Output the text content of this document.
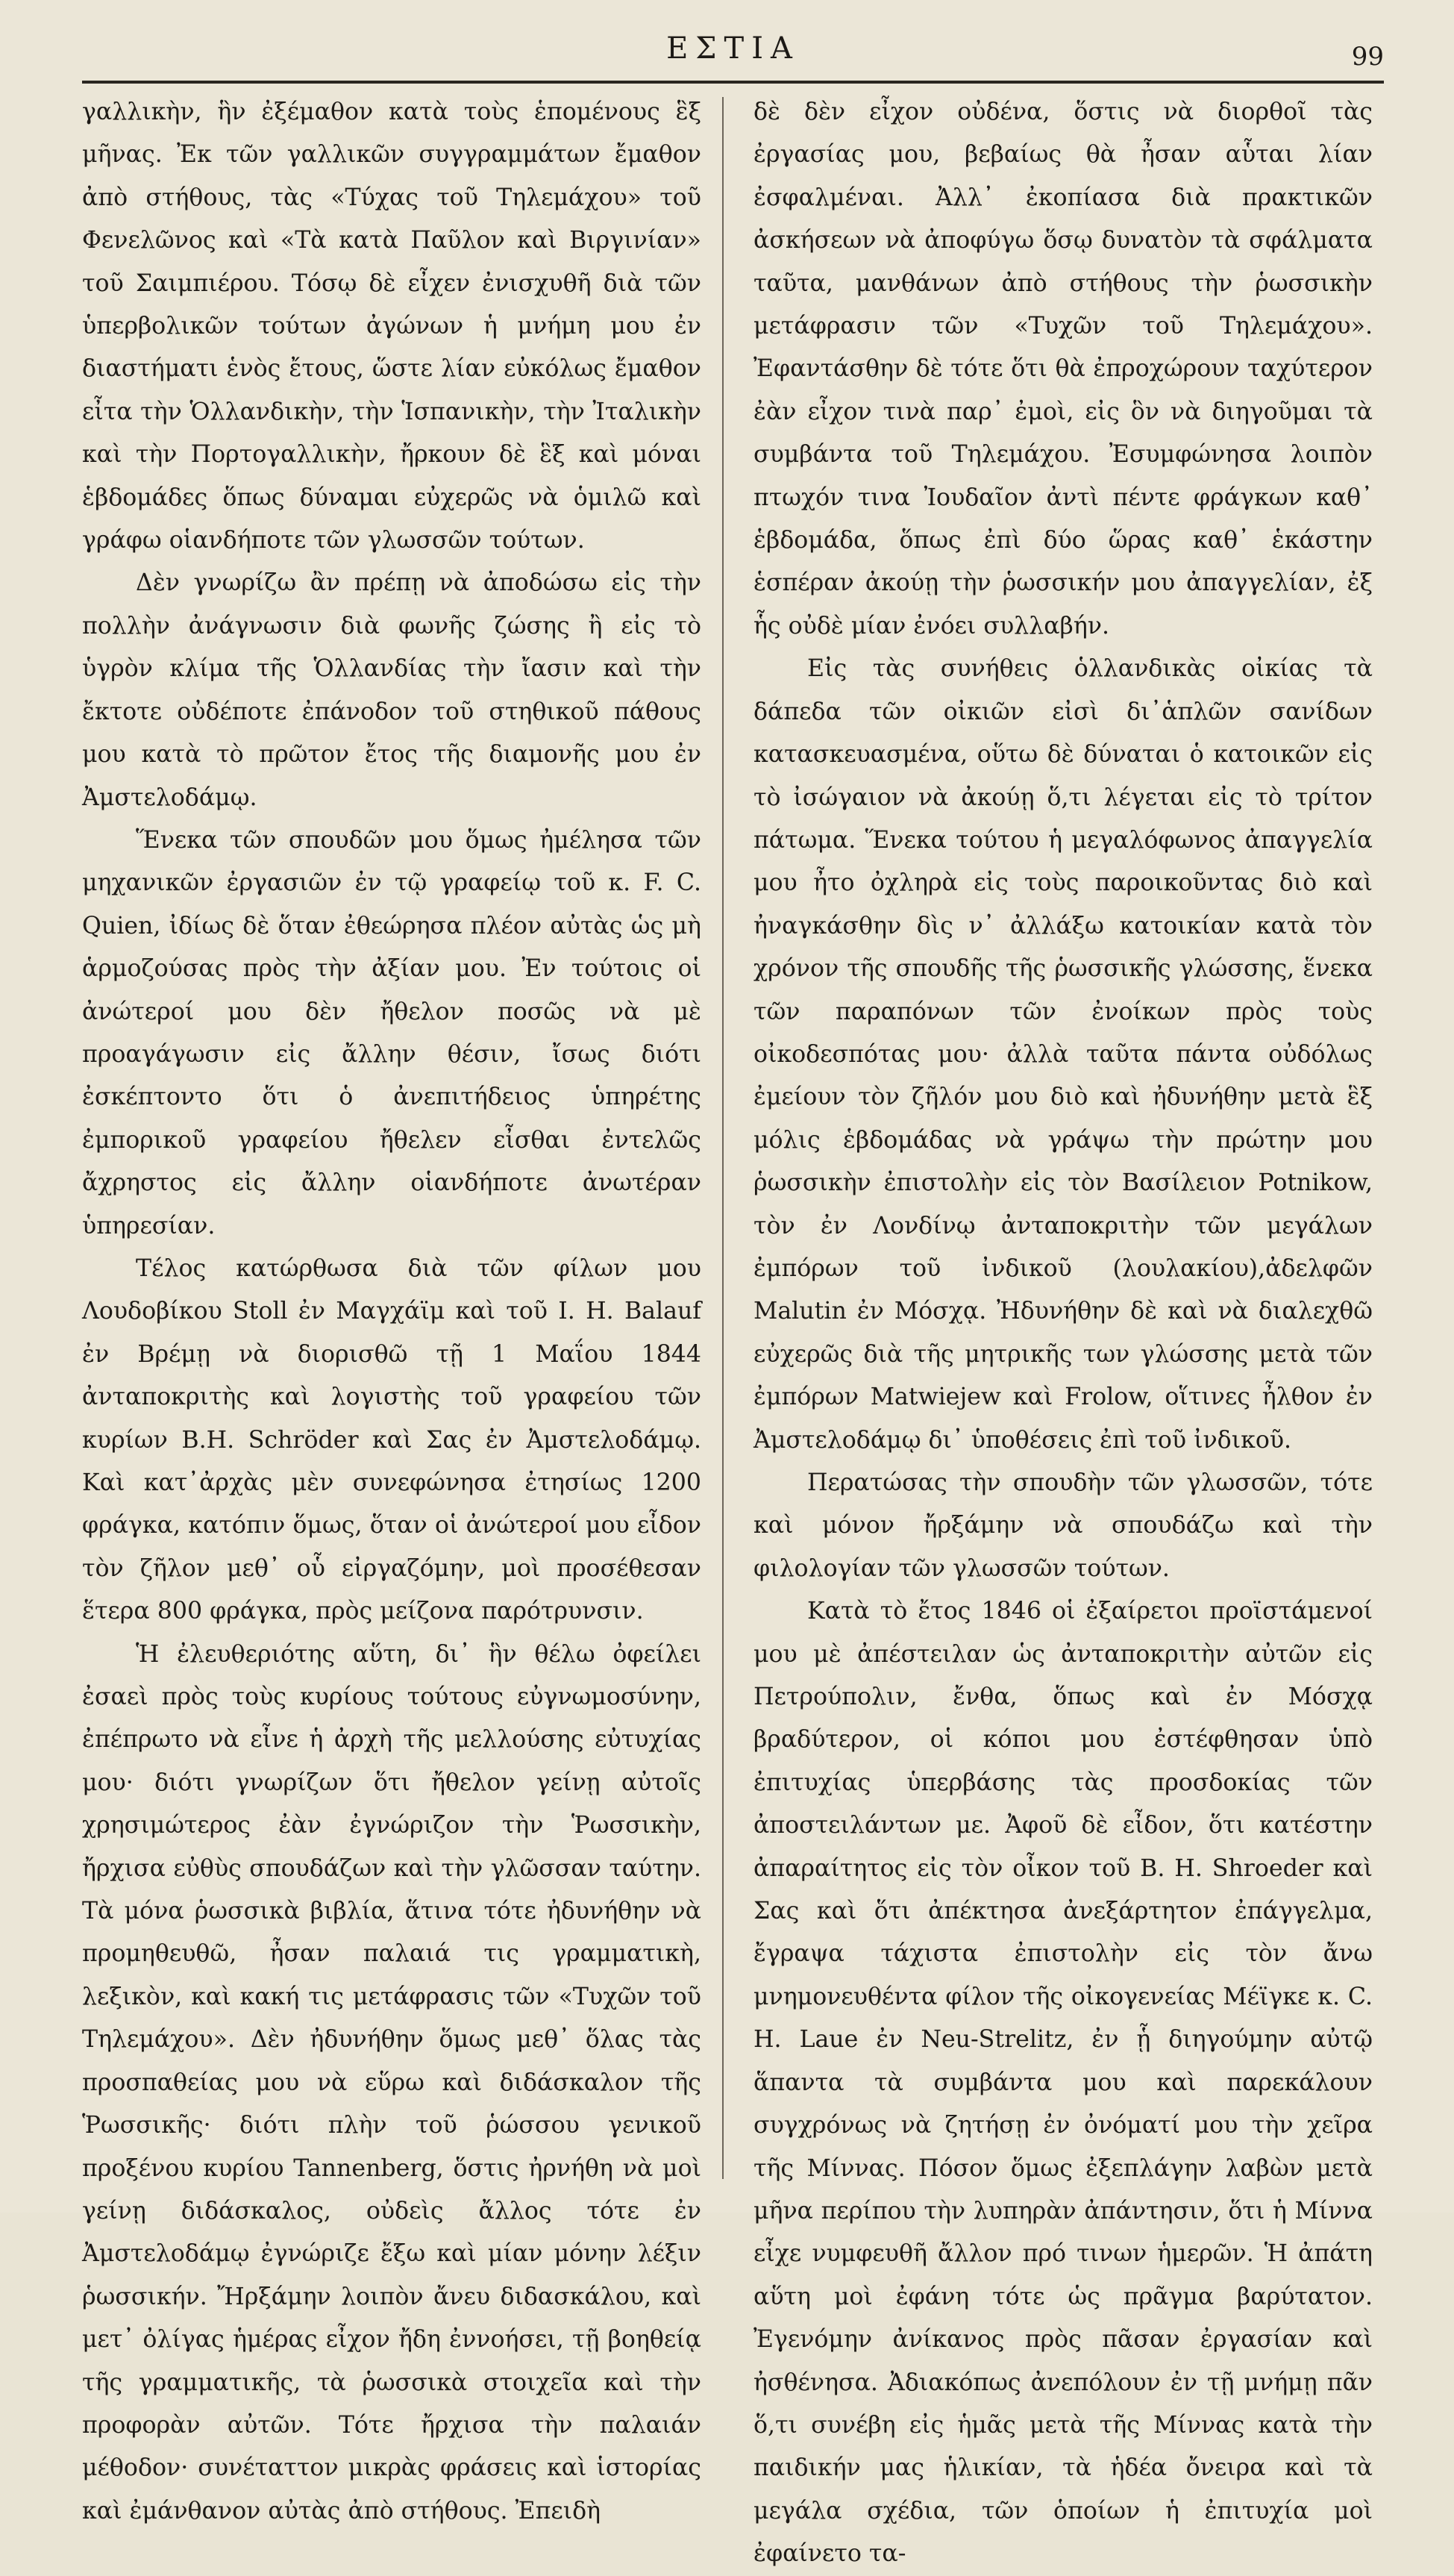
ΕΣΤΙΑ	99

γαλλικὴν, ἣν ἐξέμαθον κατὰ τοὺς ἑπομένους ἓξ μῆνας. Ἐκ τῶν γαλλικῶν συγγραμμάτων ἔμαθον ἀπὸ στήθους, τὰς «Τύχας τοῦ Τηλεμάχου» τοῦ Φενελῶνος καὶ «Τὰ κατὰ Παῦλον καὶ Βιργινίαν» τοῦ Σαιμπιέρου. Τόσῳ δὲ εἶχεν ἐνισχυθῆ διὰ τῶν ὑπερβολικῶν τούτων ἀγώνων ἡ μνήμη μου ἐν διαστήματι ἑνὸς ἔτους, ὥστε λίαν εὐκόλως ἔμαθον εἶτα τὴν Ὁλλανδικὴν, τὴν Ἱσπανικὴν, τὴν Ἰταλικὴν καὶ τὴν Πορτογαλλικὴν, ἤρκουν δὲ ἓξ καὶ μόναι ἑβδομάδες ὅπως δύναμαι εὐχερῶς νὰ ὁμιλῶ καὶ γράφω οἱανδήποτε τῶν γλωσσῶν τούτων.

Δὲν γνωρίζω ἂν πρέπῃ νὰ ἀποδώσω εἰς τὴν πολλὴν ἀνάγνωσιν διὰ φωνῆς ζώσης ἢ εἰς τὸ ὑγρὸν κλίμα τῆς Ὁλλανδίας τὴν ἴασιν καὶ τὴν ἔκτοτε οὐδέποτε ἐπάνοδον τοῦ στηθικοῦ πάθους μου κατὰ τὸ πρῶτον ἔτος τῆς διαμονῆς μου ἐν Ἀμστελοδάμῳ.

Ἕνεκα τῶν σπουδῶν μου ὅμως ἠμέλησα τῶν μηχανικῶν ἐργασιῶν ἐν τῷ γραφείῳ τοῦ κ. F. C. Quien, ἰδίως δὲ ὅταν ἐθεώρησα πλέον αὐτὰς ὡς μὴ ἁρμοζούσας πρὸς τὴν ἀξίαν μου. Ἐν τούτοις οἱ ἀνώτεροί μου δὲν ἤθελον ποσῶς νὰ μὲ προαγάγωσιν εἰς ἄλλην θέσιν, ἴσως διότι ἐσκέπτοντο ὅτι ὁ ἀνεπιτήδειος ὑπηρέτης ἐμπορικοῦ γραφείου ἤθελεν εἶσθαι ἐντελῶς ἄχρηστος εἰς ἄλλην οἱανδήποτε ἀνωτέραν ὑπηρεσίαν.

Τέλος κατώρθωσα διὰ τῶν φίλων μου Λουδοβίκου Stoll ἐν Μαγχάϊμ καὶ τοῦ I. H. Balauf ἐν Βρέμῃ νὰ διορισθῶ τῇ 1 Μαΐου 1844 ἀνταποκριτὴς καὶ λογιστὴς τοῦ γραφείου τῶν κυρίων B.H. Schröder καὶ Σας ἐν Ἀμστελοδάμῳ. Καὶ κατ᾽ἀρχὰς μὲν συνεφώνησα ἐτησίως 1200 φράγκα, κατόπιν ὅμως, ὅταν οἱ ἀνώτεροί μου εἶδον τὸν ζῆλον μεθ᾽ οὗ εἰργαζόμην, μοὶ προσέθεσαν ἕτερα 800 φράγκα, πρὸς μείζονα παρότρυνσιν.

Ἡ ἐλευθεριότης αὕτη, δι᾽ ἣν θέλω ὀφείλει ἐσαεὶ πρὸς τοὺς κυρίους τούτους εὐγνωμοσύνην, ἐπέπρωτο νὰ εἶνε ἡ ἀρχὴ τῆς μελλούσης εὐτυχίας μου· διότι γνωρίζων ὅτι ἤθελον γείνῃ αὐτοῖς χρησιμώτερος ἐὰν ἐγνώριζον τὴν Ῥωσσικὴν, ἤρχισα εὐθὺς σπουδάζων καὶ τὴν γλῶσσαν ταύτην. Τὰ μόνα ῥωσσικὰ βιβλία, ἅτινα τότε ἠδυνήθην νὰ προμηθευθῶ, ἦσαν παλαιά τις γραμματικὴ, λεξικὸν, καὶ κακή τις μετάφρασις τῶν «Τυχῶν τοῦ Τηλεμάχου». Δὲν ἠδυνήθην ὅμως μεθ᾽ ὅλας τὰς προσπαθείας μου νὰ εὕρω καὶ διδάσκαλον τῆς Ῥωσσικῆς· διότι πλὴν τοῦ ῥώσσου γενικοῦ προξένου κυρίου Tannenberg, ὅστις ἠρνήθη νὰ μοὶ γείνῃ διδάσκαλος, οὐδεὶς ἄλλος τότε ἐν Ἀμστελοδάμῳ ἐγνώριζε ἔξω καὶ μίαν μόνην λέξιν ῥωσσικήν. Ἤρξάμην λοιπὸν ἄνευ διδασκάλου, καὶ μετ᾽ ὀλίγας ἡμέρας εἶχον ἤδη ἐννοήσει, τῇ βοηθείᾳ τῆς γραμματικῆς, τὰ ῥωσσικὰ στοιχεῖα καὶ τὴν προφορὰν αὐτῶν. Τότε ἤρχισα τὴν παλαιάν μέθοδον· συνέταττον μικρὰς φράσεις καὶ ἱστορίας καὶ ἐμάνθανον αὐτὰς ἀπὸ στήθους. Ἐπειδὴ

δὲ δὲν εἶχον οὐδένα, ὅστις νὰ διορθοῖ τὰς ἐργασίας μου, βεβαίως θὰ ἦσαν αὗται λίαν ἐσφαλμέναι. Ἀλλ᾽ ἐκοπίασα διὰ πρακτικῶν ἀσκήσεων νὰ ἀποφύγω ὅσῳ δυνατὸν τὰ σφάλματα ταῦτα, μανθάνων ἀπὸ στήθους τὴν ῥωσσικὴν μετάφρασιν τῶν «Τυχῶν τοῦ Τηλεμάχου». Ἐφαντάσθην δὲ τότε ὅτι θὰ ἐπροχώρουν ταχύτερον ἐὰν εἶχον τινὰ παρ᾽ ἐμοὶ, εἰς ὃν νὰ διηγοῦμαι τὰ συμβάντα τοῦ Τηλεμάχου. Ἐσυμφώνησα λοιπὸν πτωχόν τινα Ἰουδαῖον ἀντὶ πέντε φράγκων καθ᾽ ἑβδομάδα, ὅπως ἐπὶ δύο ὥρας καθ᾽ ἑκάστην ἑσπέραν ἀκούῃ τὴν ῥωσσικήν μου ἀπαγγελίαν, ἐξ ἧς οὐδὲ μίαν ἐνόει συλλαβήν.

Εἰς τὰς συνήθεις ὁλλανδικὰς οἰκίας τὰ δάπεδα τῶν οἰκιῶν εἰσὶ δι᾽ἁπλῶν σανίδων κατασκευασμένα, οὕτω δὲ δύναται ὁ κατοικῶν εἰς τὸ ἰσώγαιον νὰ ἀκούῃ ὅ,τι λέγεται εἰς τὸ τρίτον πάτωμα. Ἕνεκα τούτου ἡ μεγαλόφωνος ἀπαγγελία μου ἦτο ὀχληρὰ εἰς τοὺς παροικοῦντας διὸ καὶ ἠναγκάσθην δὶς ν᾽ ἀλλάξω κατοικίαν κατὰ τὸν χρόνον τῆς σπουδῆς τῆς ῥωσσικῆς γλώσσης, ἕνεκα τῶν παραπόνων τῶν ἐνοίκων πρὸς τοὺς οἰκοδεσπότας μου· ἀλλὰ ταῦτα πάντα οὐδόλως ἐμείουν τὸν ζῆλόν μου διὸ καὶ ἠδυνήθην μετὰ ἓξ μόλις ἑβδομάδας νὰ γράψω τὴν πρώτην μου ῥωσσικὴν ἐπιστολὴν εἰς τὸν Βασίλειον Potnikow, τὸν ἐν Λονδίνῳ ἀνταποκριτὴν τῶν μεγάλων ἐμπόρων τοῦ ἰνδικοῦ (λουλακίου),ἀδελφῶν Malutin ἐν Μόσχᾳ. Ἠδυνήθην δὲ καὶ νὰ διαλεχθῶ εὐχερῶς διὰ τῆς μητρικῆς των γλώσσης μετὰ τῶν ἐμπόρων Matwiejew καὶ Frolow, οἵτινες ἦλθον ἐν Ἀμστελοδάμῳ δι᾽ ὑποθέσεις ἐπὶ τοῦ ἰνδικοῦ.

Περατώσας τὴν σπουδὴν τῶν γλωσσῶν, τότε καὶ μόνον ἤρξάμην νὰ σπουδάζω καὶ τὴν φιλολογίαν τῶν γλωσσῶν τούτων.

Κατὰ τὸ ἔτος 1846 οἱ ἐξαίρετοι προϊστάμενοί μου μὲ ἀπέστειλαν ὡς ἀνταποκριτὴν αὐτῶν εἰς Πετρούπολιν, ἔνθα, ὅπως καὶ ἐν Μόσχᾳ βραδύτερον, οἱ κόποι μου ἐστέφθησαν ὑπὸ ἐπιτυχίας ὑπερβάσης τὰς προσδοκίας τῶν ἀποστειλάντων με. Ἀφοῦ δὲ εἶδον, ὅτι κατέστην ἀπαραίτητος εἰς τὸν οἶκον τοῦ B. H. Shroeder καὶ Σας καὶ ὅτι ἀπέκτησα ἀνεξάρτητον ἐπάγγελμα, ἔγραψα τάχιστα ἐπιστολὴν εἰς τὸν ἄνω μνημονευθέντα φίλον τῆς οἰκογενείας Μέϊγκε κ. C. H. Laue ἐν Neu-Strelitz, ἐν ᾗ διηγούμην αὐτῷ ἅπαντα τὰ συμβάντα μου καὶ παρεκάλουν συγχρόνως νὰ ζητήσῃ ἐν ὀνόματί μου τὴν χεῖρα τῆς Μίννας. Πόσον ὅμως ἐξεπλάγην λαβὼν μετὰ μῆνα περίπου τὴν λυπηρὰν ἀπάντησιν, ὅτι ἡ Μίννα εἶχε νυμφευθῆ ἄλλον πρό τινων ἡμερῶν. Ἡ ἀπάτη αὕτη μοὶ ἐφάνη τότε ὡς πρᾶγμα βαρύτατον. Ἐγενόμην ἀνίκανος πρὸς πᾶσαν ἐργασίαν καὶ ἠσθένησα. Ἀδιακόπως ἀνεπόλουν ἐν τῇ μνήμῃ πᾶν ὅ,τι συνέβη εἰς ἡμᾶς μετὰ τῆς Μίννας κατὰ τὴν παιδικήν μας ἡλικίαν, τὰ ἡδέα ὄνειρα καὶ τὰ μεγάλα σχέδια, τῶν ὁποίων ἡ ἐπιτυχία μοὶ ἐφαίνετο τα-
